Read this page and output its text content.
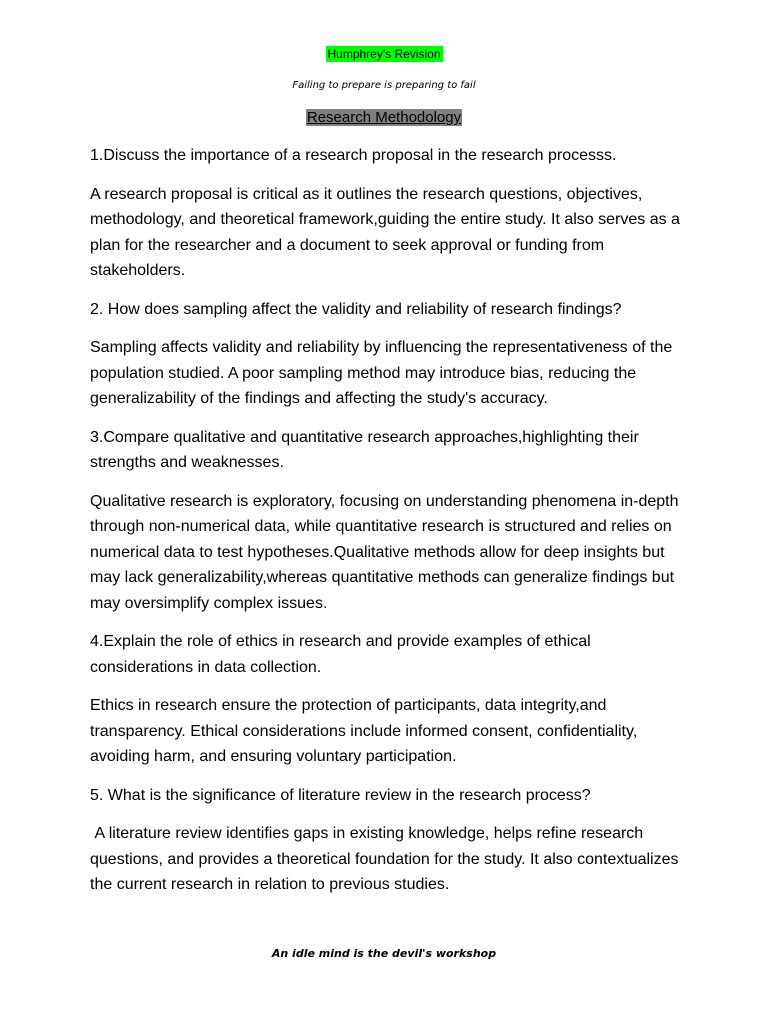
Humphrey's Revision
Failing to prepare is preparing to fail
Research Methodology

1.Discuss the importance of a research proposal in the research processs.

A research proposal is critical as it outlines the research questions, objectives, methodology, and theoretical framework,guiding the entire study. It also serves as a plan for the researcher and a document to seek approval or funding from stakeholders.

2. How does sampling affect the validity and reliability of research findings?

Sampling affects validity and reliability by influencing the representativeness of the population studied. A poor sampling method may introduce bias, reducing the generalizability of the findings and affecting the study's accuracy.

3.Compare qualitative and quantitative research approaches,highlighting their strengths and weaknesses.

Qualitative research is exploratory, focusing on understanding phenomena in-depth through non-numerical data, while quantitative research is structured and relies on numerical data to test hypotheses.Qualitative methods allow for deep insights but may lack generalizability,whereas quantitative methods can generalize findings but may oversimplify complex issues.

4.Explain the role of ethics in research and provide examples of ethical considerations in data collection.

Ethics in research ensure the protection of participants, data integrity,and transparency. Ethical considerations include informed consent, confidentiality, avoiding harm, and ensuring voluntary participation.

5. What is the significance of literature review in the research process?

A literature review identifies gaps in existing knowledge, helps refine research questions, and provides a theoretical foundation for the study. It also contextualizes the current research in relation to previous studies.

An idle mind is the devil's workshop
